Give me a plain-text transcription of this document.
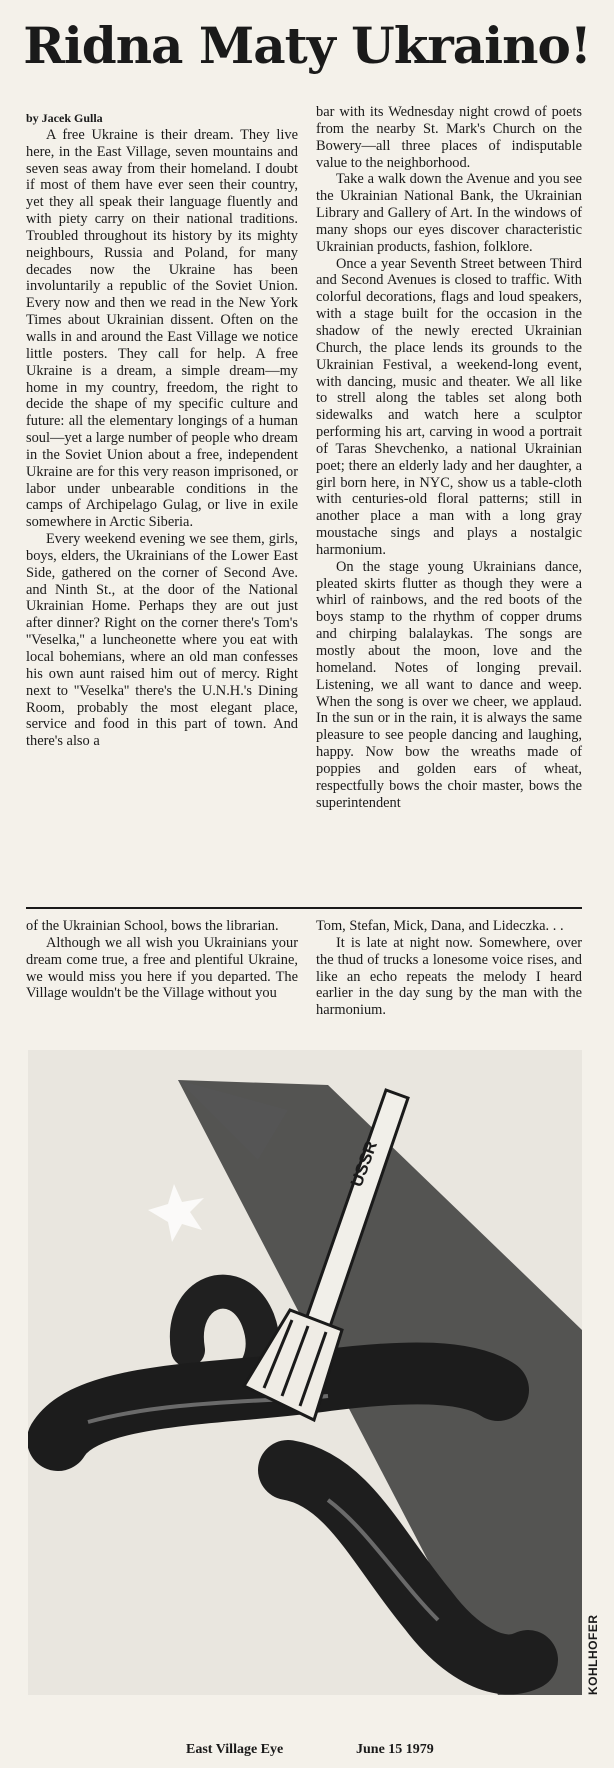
Ridna Maty Ukraino!

by Jacek Gulla

A free Ukraine is their dream. They live here, in the East Village, seven mountains and seven seas away from their homeland. I doubt if most of them have ever seen their country, yet they all speak their language fluently and with piety carry on their national traditions. Troubled throughout its history by its mighty neighbours, Russia and Poland, for many decades now the Ukraine has been involuntarily a republic of the Soviet Union. Every now and then we read in the New York Times about Ukrainian dissent. Often on the walls in and around the East Village we notice little posters. They call for help. A free Ukraine is a dream, a simple dream—my home in my country, freedom, the right to decide the shape of my specific culture and future: all the elementary longings of a human soul—yet a large number of people who dream in the Soviet Union about a free, independent Ukraine are for this very reason imprisoned, or labor under unbearable conditions in the camps of Archipelago Gulag, or live in exile somewhere in Arctic Siberia.

Every weekend evening we see them, girls, boys, elders, the Ukrainians of the Lower East Side, gathered on the corner of Second Ave. and Ninth St., at the door of the National Ukrainian Home. Perhaps they are out just after dinner? Right on the corner there's Tom's ''Veselka,'' a luncheonette where you eat with local bohemians, where an old man confesses his own aunt raised him out of mercy. Right next to ''Veselka'' there's the U.N.H.'s Dining Room, probably the most elegant place, service and food in this part of town. And there's also a

bar with its Wednesday night crowd of poets from the nearby St. Mark's Church on the Bowery—all three places of indisputable value to the neighborhood.

Take a walk down the Avenue and you see the Ukrainian National Bank, the Ukrainian Library and Gallery of Art. In the windows of many shops our eyes discover characteristic Ukrainian products, fashion, folklore.

Once a year Seventh Street between Third and Second Avenues is closed to traffic. With colorful decorations, flags and loud speakers, with a stage built for the occasion in the shadow of the newly erected Ukrainian Church, the place lends its grounds to the Ukrainian Festival, a weekend-long event, with dancing, music and theater. We all like to strell along the tables set along both sidewalks and watch here a sculptor performing his art, carving in wood a portrait of Taras Shevchenko, a national Ukrainian poet; there an elderly lady and her daughter, a girl born here, in NYC, show us a table-cloth with centuries-old floral patterns; still in another place a man with a long gray moustache sings and plays a nostalgic harmonium.

On the stage young Ukrainians dance, pleated skirts flutter as though they were a whirl of rainbows, and the red boots of the boys stamp to the rhythm of copper drums and chirping balalaykas. The songs are mostly about the moon, love and the homeland. Notes of longing prevail. Listening, we all want to dance and weep. When the song is over we cheer, we applaud. In the sun or in the rain, it is always the same pleasure to see people dancing and laughing, happy. Now bow the wreaths made of poppies and golden ears of wheat, respectfully bows the choir master, bows the superintendent

of the Ukrainian School, bows the librarian.

Although we all wish you Ukrainians your dream come true, a free and plentiful Ukraine, we would miss you here if you departed. The Village wouldn't be the Village without you

Tom, Stefan, Mick, Dana, and Lideczka. . .

It is late at night now. Somewhere, over the thud of trucks a lonesome voice rises, and like an echo repeats the melody I heard earlier in the day sung by the man with the harmonium.

USSR
KOHLHOFER
East Village Eye	June 15 1979
